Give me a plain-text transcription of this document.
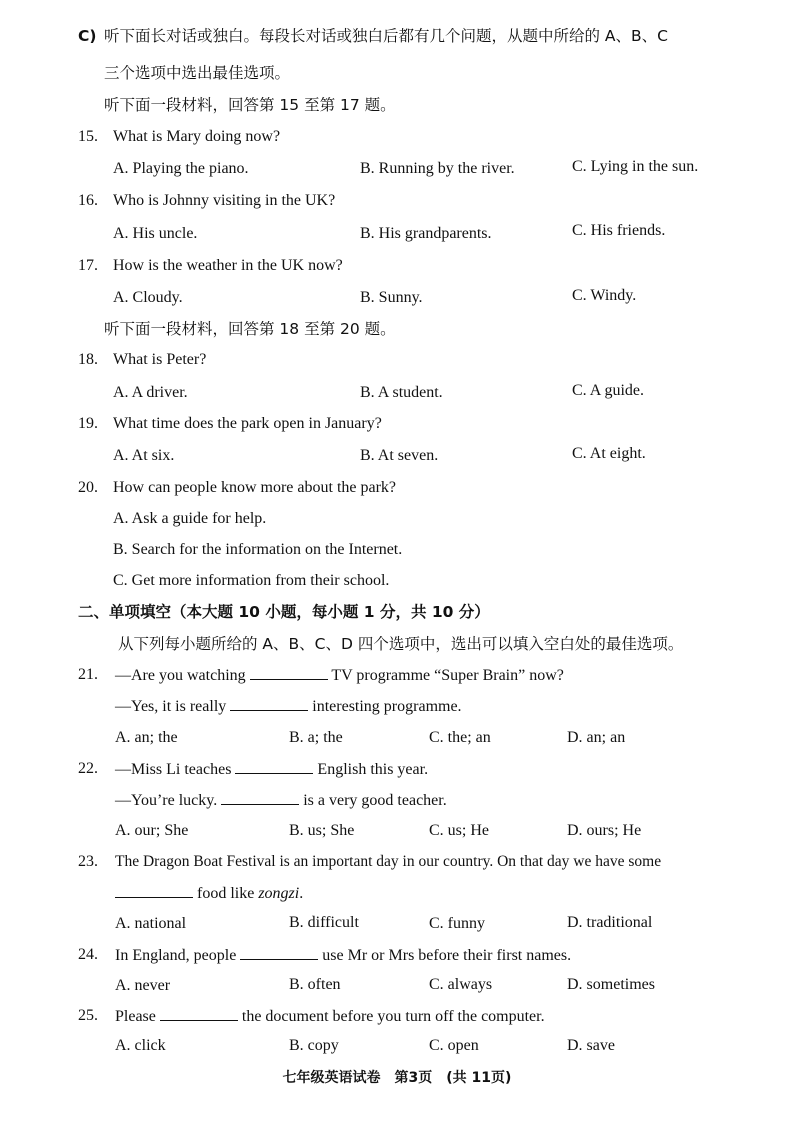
C) 听下面长对话或独白。每段长对话或独白后都有几个问题，从题中所给的 A、B、C
三个选项中选出最佳选项。
听下面一段材料，回答第 15 至第 17 题。
15. What is Mary doing now?
A. Playing the piano.	B. Running by the river.	C. Lying in the sun.
16. Who is Johnny visiting in the UK?
A. His uncle.	B. His grandparents.	C. His friends.
17. How is the weather in the UK now?
A. Cloudy.	B. Sunny.	C. Windy.
听下面一段材料，回答第 18 至第 20 题。
18. What is Peter?
A. A driver.	B. A student.	C. A guide.
19. What time does the park open in January?
A. At six.	B. At seven.	C. At eight.
20. How can people know more about the park?
A. Ask a guide for help.
B. Search for the information on the Internet.
C. Get more information from their school.
二、单项填空（本大题 10 小题，每小题 1 分，共 10 分）
从下列每小题所给的 A、B、C、D 四个选项中，选出可以填入空白处的最佳选项。
21. —Are you watching	TV programme “Super Brain” now?
—Yes, it is really	interesting programme.
A. an; the	B. a; the	C. the; an	D. an; an
22. —Miss Li teaches	English this year.
—You’re lucky.	is a very good teacher.
A. our; She	B. us; She	C. us; He	D. ours; He
23. The Dragon Boat Festival is an important day in our country. On that day we have some
food like zongzi.
A. national	B. difficult	C. funny	D. traditional
24. In England, people	use Mr or Mrs before their first names.
A. never	B. often	C. always	D. sometimes
25. Please	the document before you turn off the computer.
A. click	B. copy	C. open	D. save
七年级英语试卷　第3页　(共 11页)
